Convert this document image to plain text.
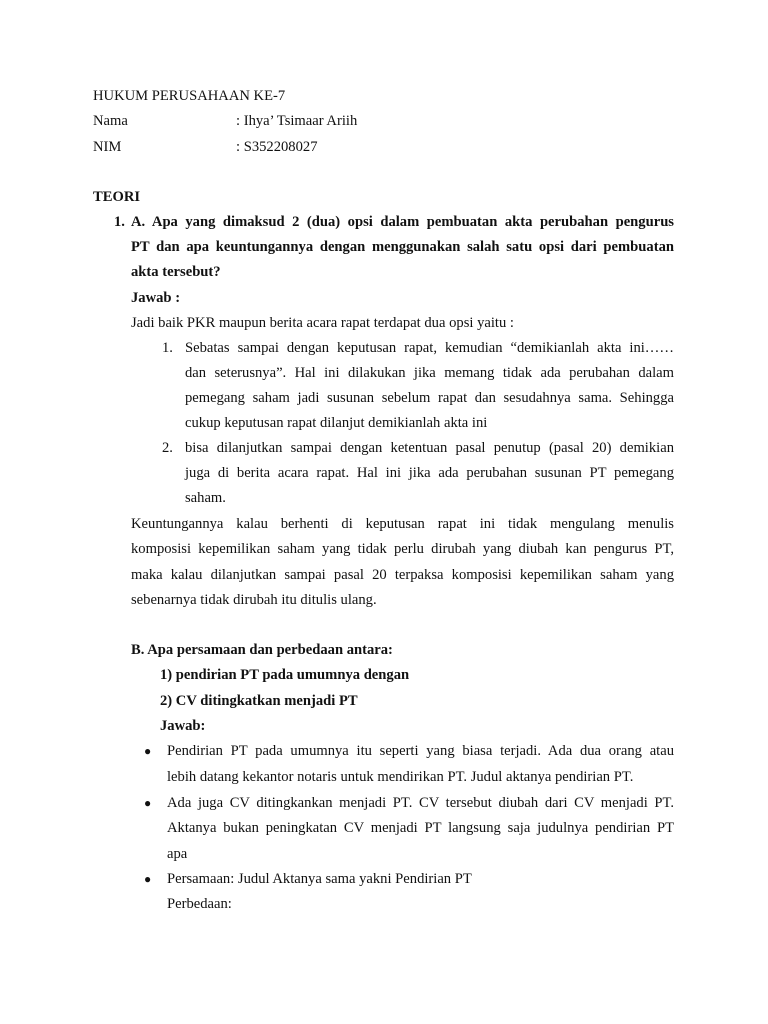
HUKUM PERUSAHAAN KE-7
Nama	: Ihya’ Tsimaar Ariih
NIM	: S352208027
TEORI
1. A. Apa yang dimaksud 2 (dua) opsi dalam pembuatan akta perubahan pengurus
PT dan apa keuntungannya dengan menggunakan salah satu opsi dari pembuatan
akta tersebut?
Jawab :
Jadi baik PKR maupun berita acara rapat terdapat dua opsi yaitu :
1. Sebatas sampai dengan keputusan rapat, kemudian “demikianlah akta ini……
dan seterusnya”. Hal ini dilakukan jika memang tidak ada perubahan dalam
pemegang saham jadi susunan sebelum rapat dan sesudahnya sama. Sehingga
cukup keputusan rapat dilanjut demikianlah akta ini
2. bisa dilanjutkan sampai dengan ketentuan pasal penutup (pasal 20) demikian
juga di berita acara rapat. Hal ini jika ada perubahan susunan PT pemegang
saham.
Keuntungannya kalau berhenti di keputusan rapat ini tidak mengulang menulis
komposisi kepemilikan saham yang tidak perlu dirubah yang diubah kan pengurus PT,
maka kalau dilanjutkan sampai pasal 20 terpaksa komposisi kepemilikan saham yang
sebenarnya tidak dirubah itu ditulis ulang.
B. Apa persamaan dan perbedaan antara:
1) pendirian PT pada umumnya dengan
2) CV ditingkatkan menjadi PT
Jawab:
● Pendirian PT pada umumnya itu seperti yang biasa terjadi. Ada dua orang atau
lebih datang kekantor notaris untuk mendirikan PT. Judul aktanya pendirian PT.
● Ada juga CV ditingkankan menjadi PT. CV tersebut diubah dari CV menjadi PT.
Aktanya bukan peningkatan CV menjadi PT langsung saja judulnya pendirian PT
apa
● Persamaan: Judul Aktanya sama yakni Pendirian PT
Perbedaan:
